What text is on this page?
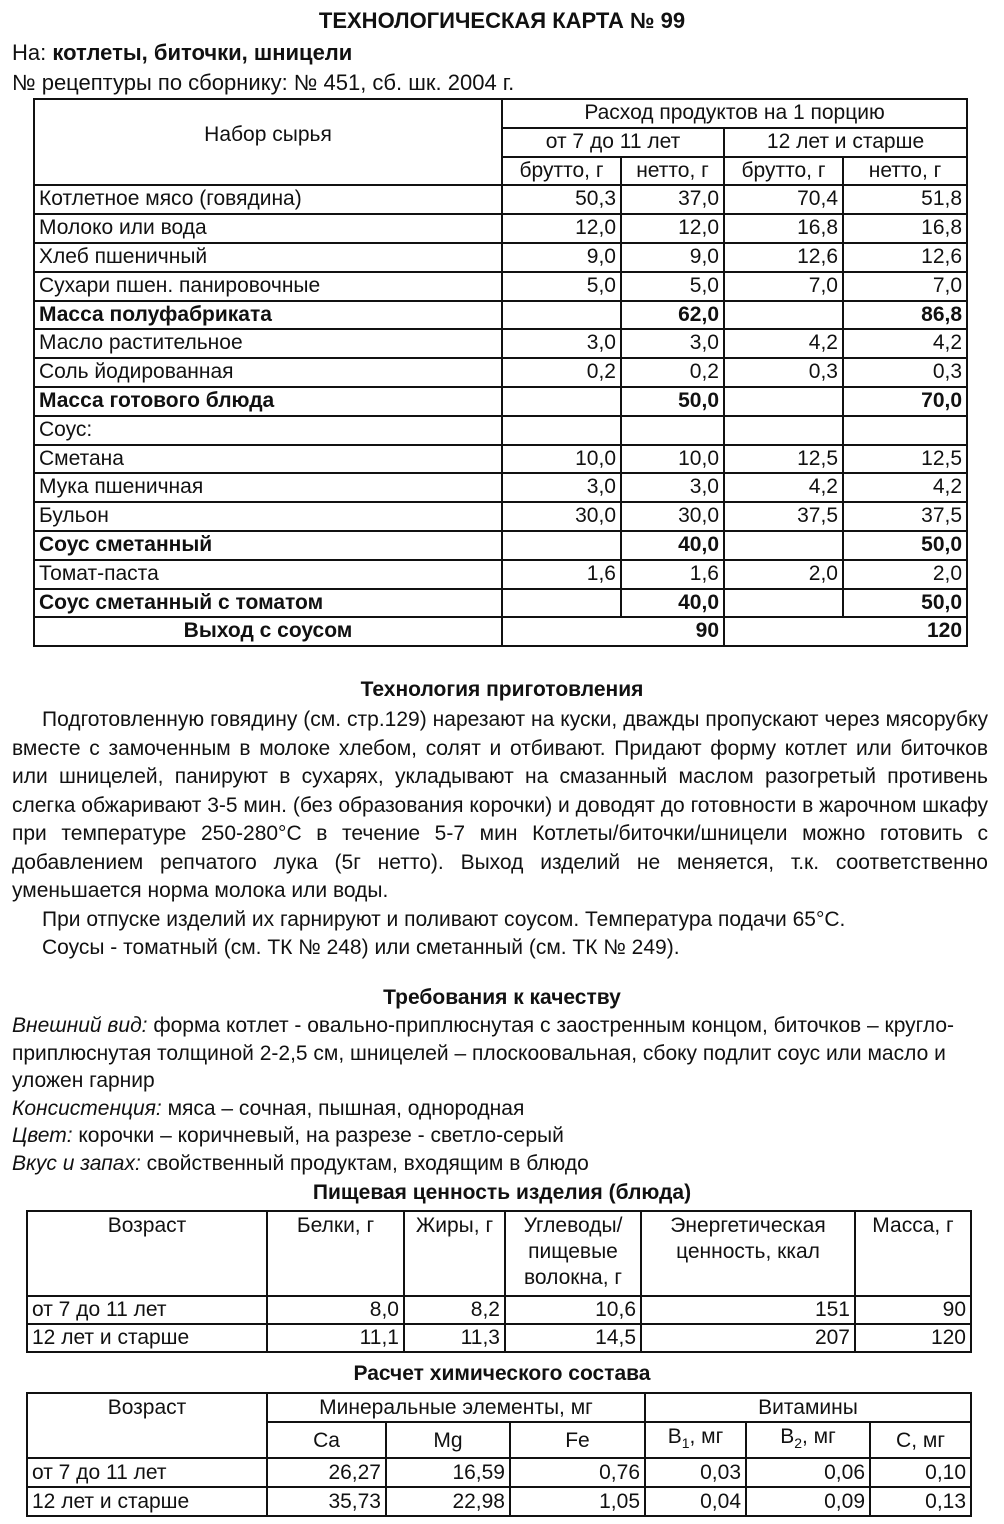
ТЕХНОЛОГИЧЕСКАЯ КАРТА № 99
На: котлеты, биточки, шницели
№ рецептуры по сборнику: № 451, сб. шк. 2004 г.
Набор сырья	Расход продуктов на 1 порцию			
	от 7 до 11 лет		12 лет и старше	
	брутто, г	нетто, г	брутто, г	нетто, г
Котлетное мясо (говядина)	50,3	37,0	70,4	51,8
Молоко или вода	12,0	12,0	16,8	16,8
Хлеб пшеничный	9,0	9,0	12,6	12,6
Сухари пшен. панировочные	5,0	5,0	7,0	7,0
Масса полуфабриката		62,0		86,8
Масло растительное	3,0	3,0	4,2	4,2
Соль йодированная	0,2	0,2	0,3	0,3
Масса готового блюда		50,0		70,0
Соус:				
Сметана	10,0	10,0	12,5	12,5
Мука пшеничная	3,0	3,0	4,2	4,2
Бульон	30,0	30,0	37,5	37,5
Соус сметанный		40,0		50,0
Томат-паста	1,6	1,6	2,0	2,0
Соус сметанный с томатом		40,0		50,0
Выход с соусом	90		120	
Технология приготовления

Подготовленную говядину (см. стр.129) нарезают на куски, дважды пропускают через мясорубку вместе с замоченным в молоке хлебом, солят и отбивают. Придают форму котлет или биточков или шницелей, панируют в сухарях, укладывают на смазанный маслом разогретый противень слегка обжаривают 3-5 мин. (без образования корочки) и доводят до готовности в жарочном шкафу при температуре 250-280°С в течение 5-7 мин Котлеты/биточки/шницели можно готовить с добавлением репчатого лука (5г нетто). Выход изделий не меняется, т.к. соответственно уменьшается норма молока или воды.

При отпуске изделий их гарнируют и поливают соусом. Температура подачи 65°С.

Соусы - томатный (см. ТК № 248) или сметанный (см. ТК № 249).

Требования к качеству

Внешний вид: форма котлет - овально-приплюснутая с заостренным концом, биточков – кругло-приплюснутая толщиной 2-2,5 см, шницелей – плоскоовальная, сбоку подлит соус или масло и уложен гарнир

Консистенция: мяса – сочная, пышная, однородная

Цвет: корочки – коричневый, на разрезе - светло-серый

Вкус и запах: свойственный продуктам, входящим в блюдо

Пищевая ценность изделия (блюда)
Возраст	Белки, г	Жиры, г	Углеводы/ пищевые волокна, г	Энергетическая ценность, ккал	Масса, г
от 7 до 11 лет	8,0	8,2	10,6	151	90
12 лет и старше	11,1	11,3	14,5	207	120
Расчет химического состава
Возраст	Минеральные элементы, мг			Витамины		
	Ca	Mg	Fe	$B_1$, мг	$B_2$, мг	C, мг
от 7 до 11 лет	26,27	16,59	0,76	0,03	0,06	0,10
12 лет и старше	35,73	22,98	1,05	0,04	0,09	0,13
